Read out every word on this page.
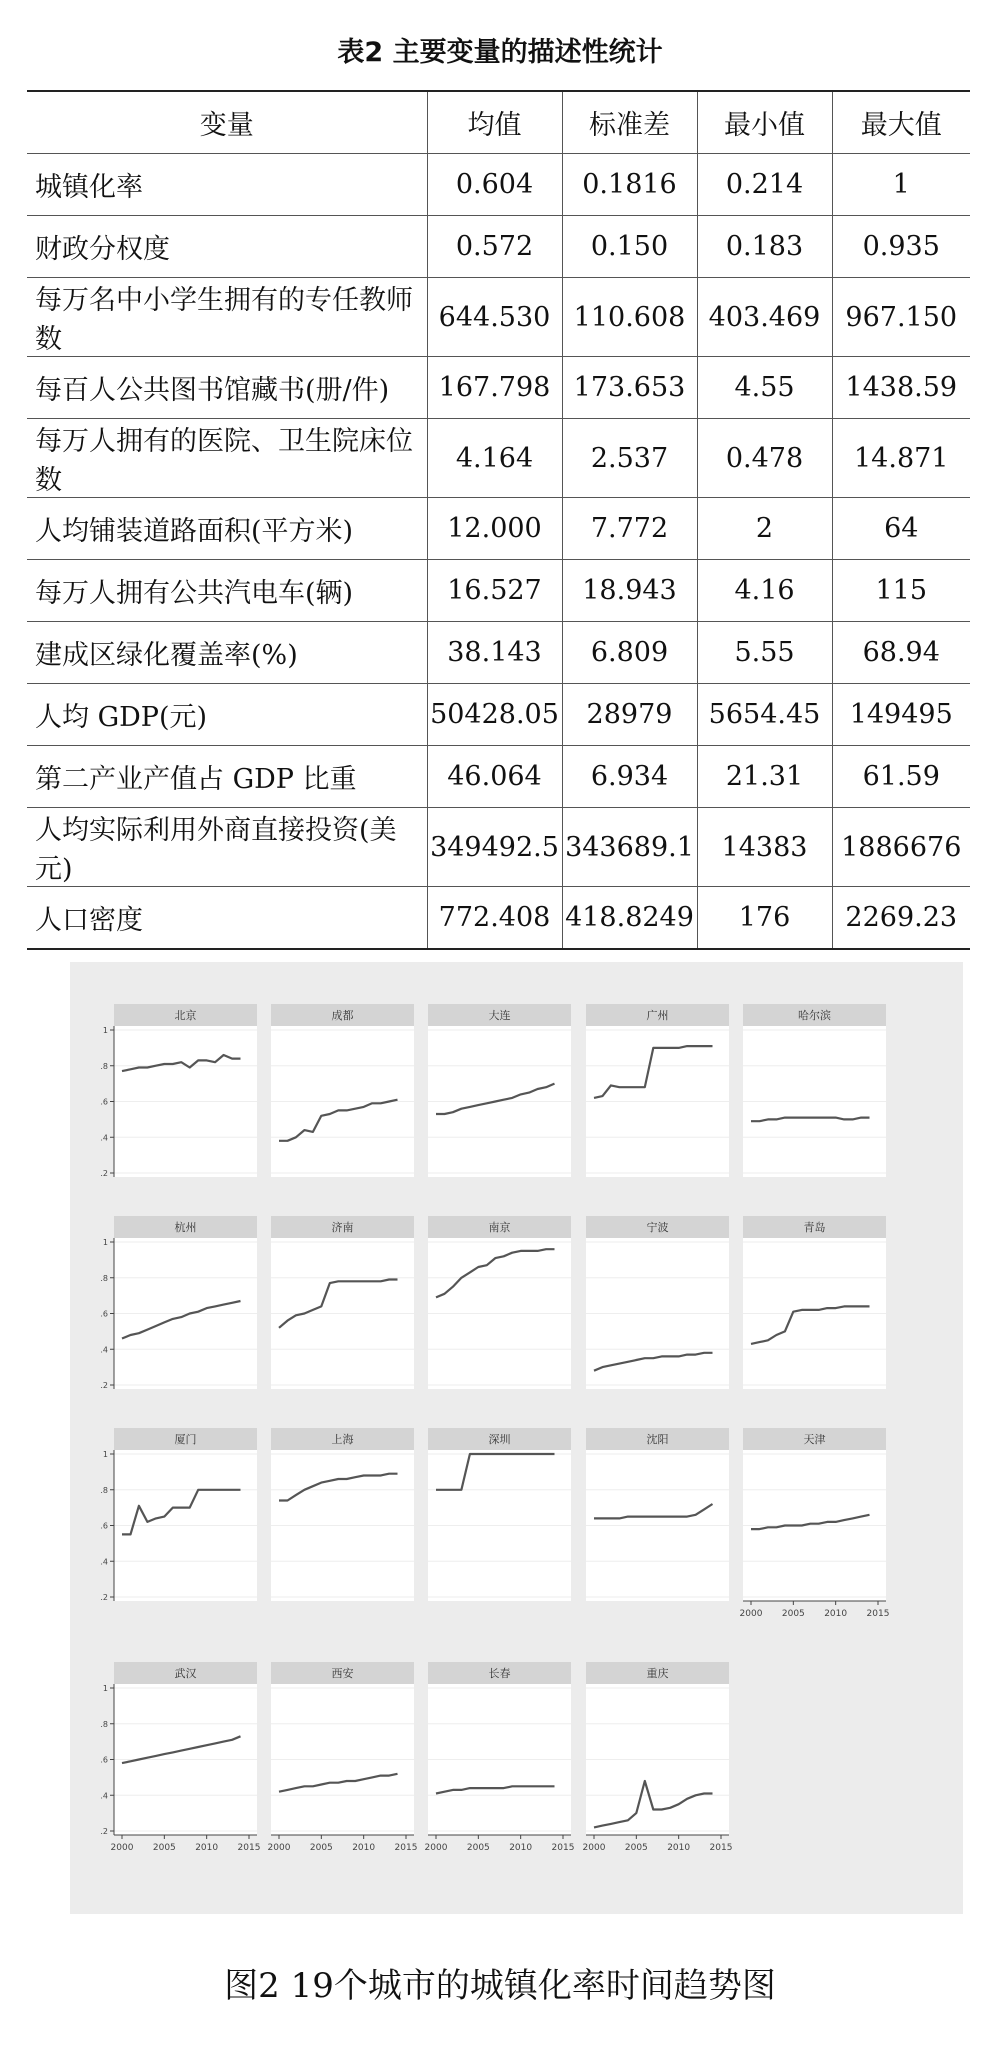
表2 主要变量的描述性统计
变量	均值	标准差	最小值	最大值
城镇化率	0.604	0.1816	0.214	1
财政分权度	0.572	0.150	0.183	0.935
每万名中小学生拥有的专任教师数	644.530	110.608	403.469	967.150
每百人公共图书馆藏书(册/件)	167.798	173.653	4.55	1438.59
每万人拥有的医院、卫生院床位数	4.164	2.537	0.478	14.871
人均铺装道路面积(平方米)	12.000	7.772	2	64
每万人拥有公共汽电车(辆)	16.527	18.943	4.16	115
建成区绿化覆盖率(%)	38.143	6.809	5.55	68.94
人均 GDP(元)	50428.05	28979	5654.45	149495
第二产业产值占 GDP 比重	46.064	6.934	21.31	61.59
人均实际利用外商直接投资(美元)	349492.5	343689.1	14383	1886676
人口密度	772.408	418.8249	176	2269.23
北京
1
.8
.6
.4
.2
成都	大连	广州	哈尔滨
杭州
1
.8
.6
.4
.2
济南	南京	宁波	青岛
厦门
1
.8
.6
.4
.2
上海	深圳	沈阳	天津
2000 2005 2010 2015
武汉
1
.8
.6
.4
.2
2000 2005 2010 2015
西安
2000 2005 2010 2015
长春
2000 2005 2010 2015
重庆
2000 2005 2010 2015
图2 19个城市的城镇化率时间趋势图
